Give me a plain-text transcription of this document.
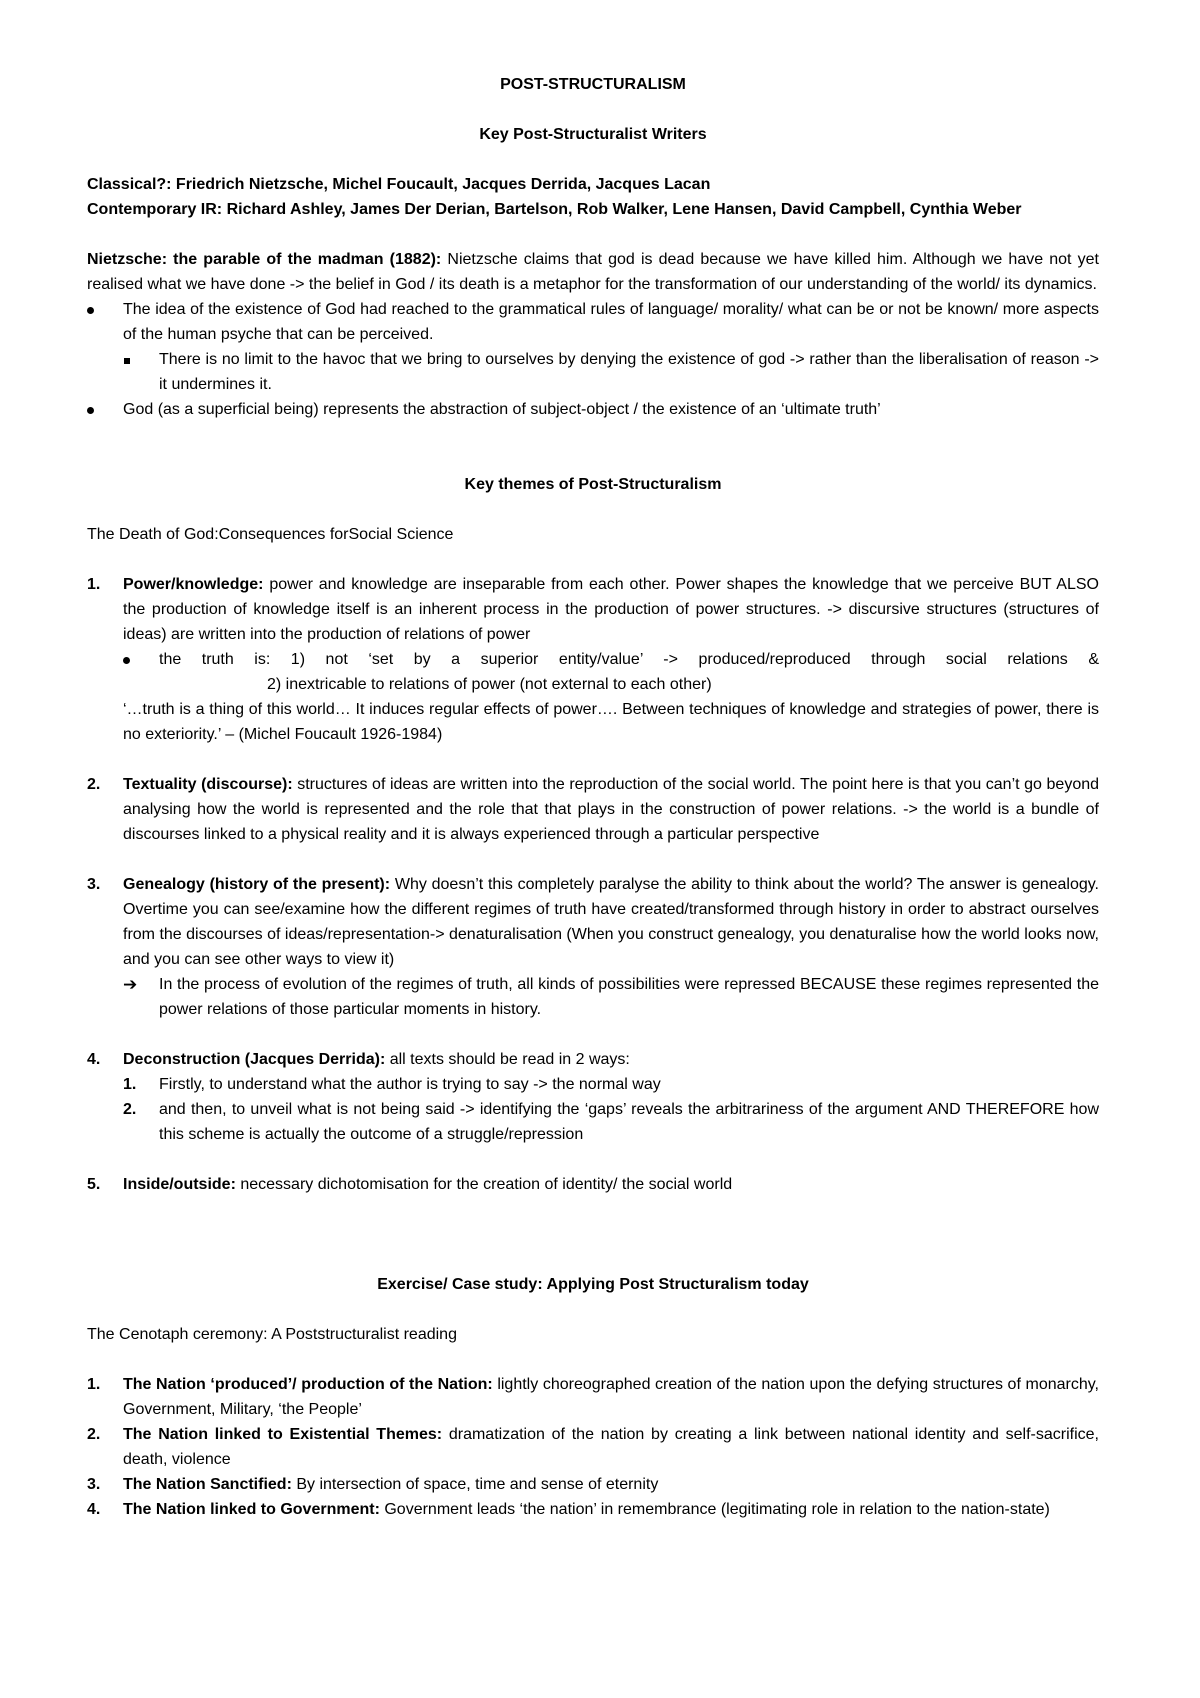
POST-STRUCTURALISM

Key Post-Structuralist Writers

Classical?: Friedrich Nietzsche, Michel Foucault, Jacques Derrida, Jacques Lacan

Contemporary IR: Richard Ashley, James Der Derian, Bartelson, Rob Walker, Lene Hansen, David Campbell, Cynthia Weber

Nietzsche: the parable of the madman (1882): Nietzsche claims that god is dead because we have killed him. Although we have not yet realised what we have done -> the belief in God / its death is a metaphor for the transformation of our understanding of the world/ its dynamics.

The idea of the existence of God had reached to the grammatical rules of language/ morality/ what can be or not be known/ more aspects of the human psyche that can be perceived.
There is no limit to the havoc that we bring to ourselves by denying the existence of god -> rather than the liberalisation of reason -> it undermines it.
God (as a superficial being) represents the abstraction of subject-object / the existence of an ‘ultimate truth’

Key themes of Post-Structuralism

The Death of God:Consequences forSocial Science

1. Power/knowledge: power and knowledge are inseparable from each other. Power shapes the knowledge that we perceive BUT ALSO the production of knowledge itself is an inherent process in the production of power structures. -> discursive structures (structures of ideas) are written into the production of relations of power

the truth is: 1) not ‘set by a superior entity/value’ -> produced/reproduced through social relations &

2) inextricable to relations of power (not external to each other)

‘…truth is a thing of this world… It induces regular effects of power…. Between techniques of knowledge and strategies of power, there is no exteriority.’ – (Michel Foucault 1926-1984)

2. Textuality (discourse): structures of ideas are written into the reproduction of the social world. The point here is that you can’t go beyond analysing how the world is represented and the role that that plays in the construction of power relations. -> the world is a bundle of discourses linked to a physical reality and it is always experienced through a particular perspective
3. Genealogy (history of the present): Why doesn’t this completely paralyse the ability to think about the world? The answer is genealogy. Overtime you can see/examine how the different regimes of truth have created/transformed through history in order to abstract ourselves from the discourses of ideas/representation-> denaturalisation (When you construct genealogy, you denaturalise how the world looks now, and you can see other ways to view it)
➔ In the process of evolution of the regimes of truth, all kinds of possibilities were repressed BECAUSE these regimes represented the power relations of those particular moments in history.
4. Deconstruction (Jacques Derrida): all texts should be read in 2 ways:
1. Firstly, to understand what the author is trying to say -> the normal way
2. and then, to unveil what is not being said -> identifying the ‘gaps’ reveals the arbitrariness of the argument AND THEREFORE how this scheme is actually the outcome of a struggle/repression
5. Inside/outside: necessary dichotomisation for the creation of identity/ the social world

Exercise/ Case study: Applying Post Structuralism today

The Cenotaph ceremony: A Poststructuralist reading

1. The Nation ‘produced’/ production of the Nation: lightly choreographed creation of the nation upon the defying structures of monarchy, Government, Military, ‘the People’
2. The Nation linked to Existential Themes: dramatization of the nation by creating a link between national identity and self-sacrifice, death, violence
3. The Nation Sanctified: By intersection of space, time and sense of eternity
4. The Nation linked to Government: Government leads ‘the nation’ in remembrance (legitimating role in relation to the nation-state)
